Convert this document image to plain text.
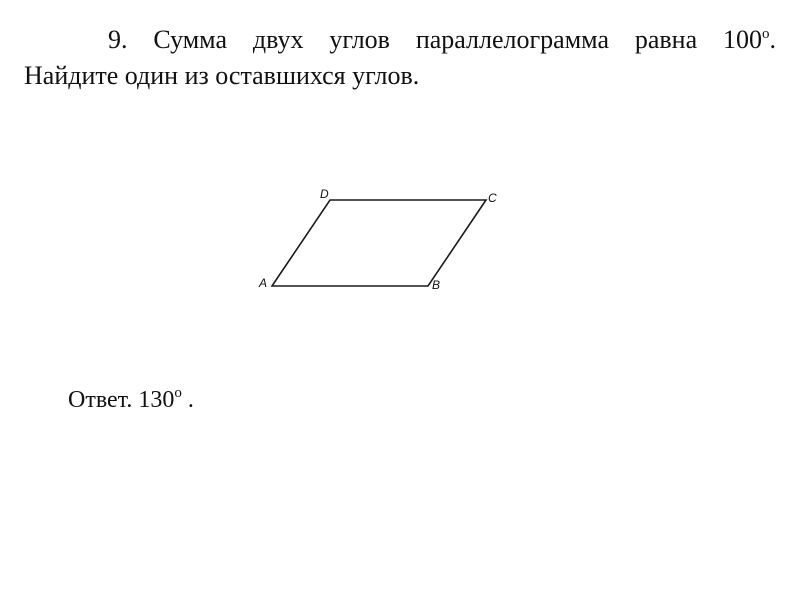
9. Сумма двух углов параллелограмма равна $100^о$.
Найдите один из оставшихся углов.
A	B
C
D
Ответ. $130^о$ .
